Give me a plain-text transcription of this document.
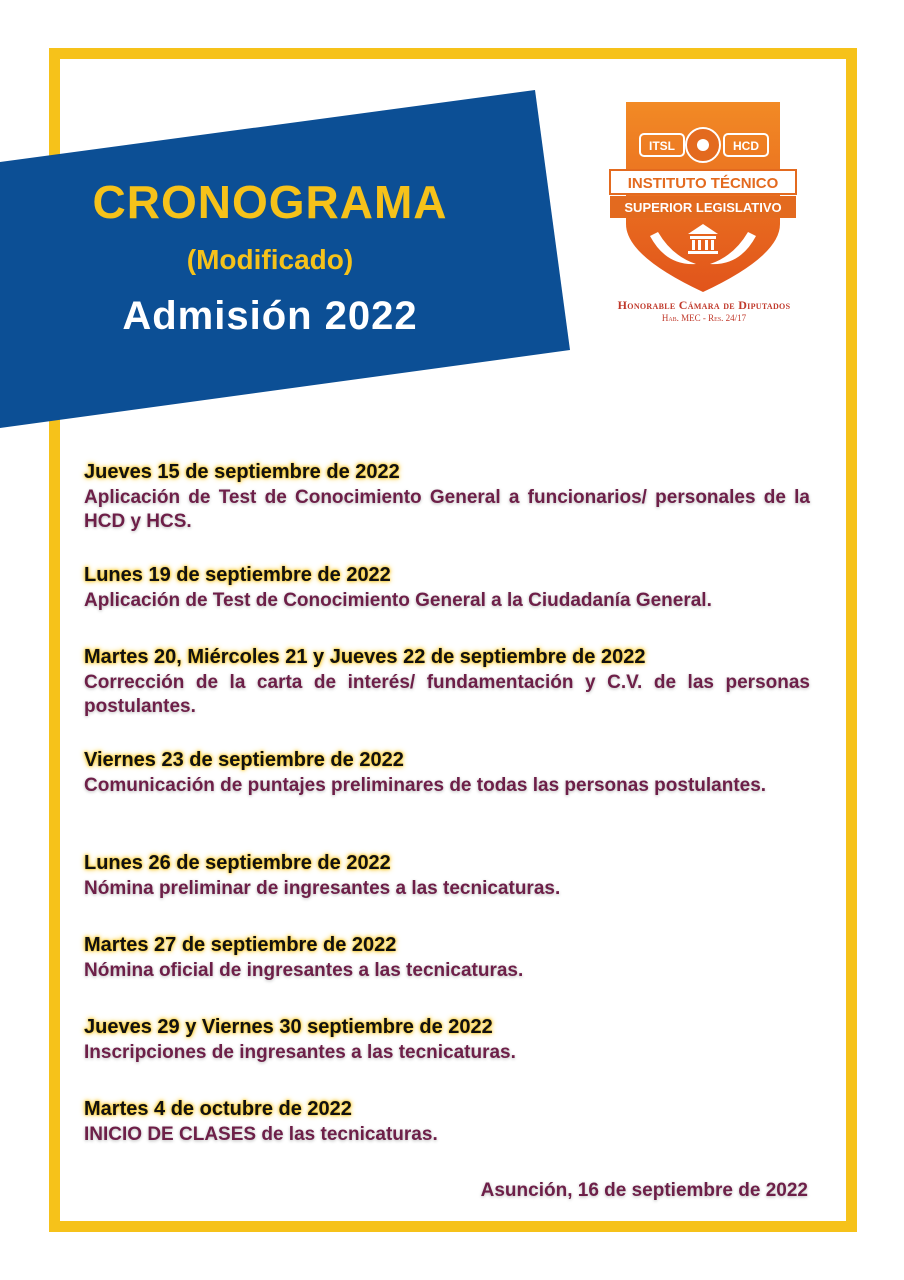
CRONOGRAMA

(Modificado)

Admisión 2022

ITSL	HCD
INSTITUTO TÉCNICO
SUPERIOR LEGISLATIVO
Honorable Cámara de Diputados
Hab. MEC - Res. 24/17

Jueves 15 de septiembre de 2022

Aplicación de Test de Conocimiento General a funcionarios/ personales de la HCD y HCS.

Lunes 19 de septiembre de 2022

Aplicación de Test de Conocimiento General a la Ciudadanía General.

Martes 20, Miércoles 21 y Jueves 22 de septiembre de 2022

Corrección de la carta de interés/ fundamentación y C.V. de las personas postulantes.

Viernes 23 de septiembre de 2022

Comunicación de puntajes preliminares de todas las personas postulantes.

Lunes 26 de septiembre de 2022

Nómina preliminar de ingresantes a las tecnicaturas.

Martes 27 de septiembre de 2022

Nómina oficial de ingresantes a las tecnicaturas.

Jueves 29 y Viernes 30 septiembre de 2022

Inscripciones de ingresantes a las tecnicaturas.

Martes 4 de octubre de 2022

INICIO DE CLASES de las tecnicaturas.

Asunción, 16 de septiembre de 2022
